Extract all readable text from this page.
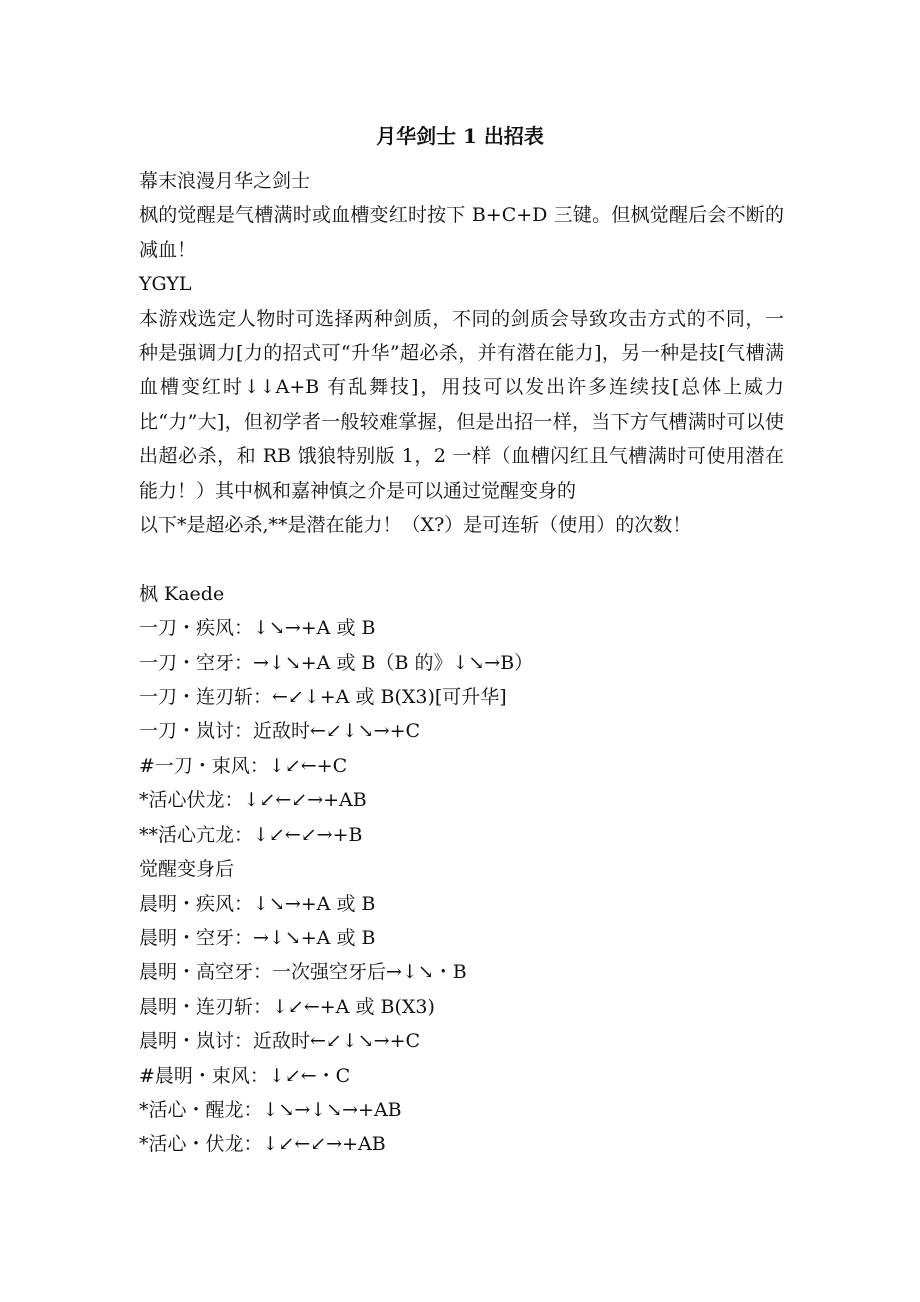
月华剑士 1 出招表

幕末浪漫月华之剑士

枫的觉醒是气槽满时或血槽变红时按下 B+C+D 三键。但枫觉醒后会不断的减血！

YGYL

本游戏选定人物时可选择两种剑质，不同的剑质会导致攻击方式的不同，一种是强调力[力的招式可“升华”超必杀，并有潜在能力]，另一种是技[气槽满血槽变红时↓↓A+B 有乱舞技]，用技可以发出许多连续技[总体上威力比“力”大]，但初学者一般较难掌握，但是出招一样，当下方气槽满时可以使出超必杀，和 RB 饿狼特别版 1，2 一样（血槽闪红且气槽满时可使用潜在能力！）其中枫和嘉神慎之介是可以通过觉醒变身的

以下*是超必杀,**是潜在能力！（X?）是可连斩（使用）的次数！

枫 Kaede

一刀・疾风：↓↘→+A 或 B
一刀・空牙：→↓↘+A 或 B（B 的》↓↘→B）
一刀・连刃斩：←↙↓+A 或 B(X3)[可升华]
一刀・岚讨：近敌时←↙↓↘→+C
#一刀・束风：↓↙←+C
*活心伏龙：↓↙←↙→+AB
**活心亢龙：↓↙←↙→+B

觉醒变身后

晨明・疾风：↓↘→+A 或 B
晨明・空牙：→↓↘+A 或 B
晨明・高空牙：一次强空牙后→↓↘・B
晨明・连刃斩：↓↙←+A 或 B(X3)
晨明・岚讨：近敌时←↙↓↘→+C
#晨明・束风：↓↙←・C
*活心・醒龙：↓↘→↓↘→+AB
*活心・伏龙：↓↙←↙→+AB
